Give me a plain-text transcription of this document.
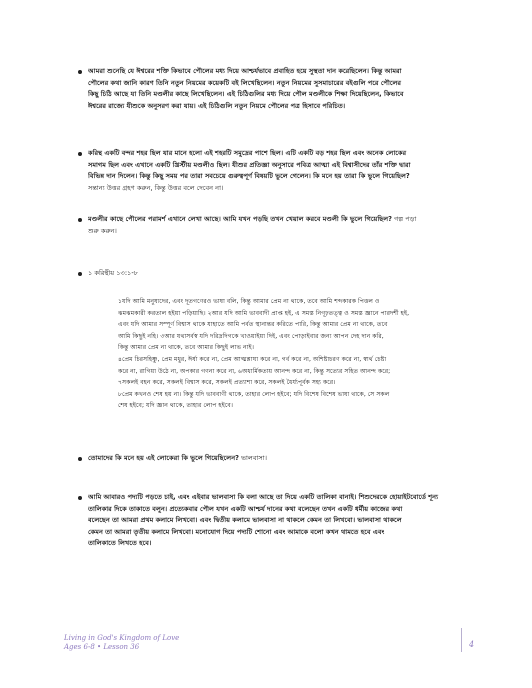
আমরা শুনেছি যে ঈশ্বরের শক্তি কিভাবে পৌলের মধ্য দিয়ে আশ্চর্যভাবে প্রবাহিত হয়ে সুস্থতা দান করেছিলেন। কিন্তু আমরা
পৌলের কথা জানি কারণ তিনি নতুন নিয়মের কয়েকটি বই লিখেছিলেন। নতুন নিয়মের সুসমাচারের বইগুলি পরে পৌলের
কিছু চিঠি আছে যা তিনি মণ্ডলীর কাছে লিখেছিলেন। এই চিঠিগুলির মধ্য দিয়ে পৌল মণ্ডলীকে শিক্ষা দিয়েছিলেন, কিভাবে
ঈশ্বরের রাজ্যে যীশুকে অনুসরণ করা যায়। এই চিঠিগুলি নতুন নিয়মে পৌলের পত্র হিসাবে পরিচিত।
করিন্থ একটি বন্দর শহর ছিল যার মানে হলো এই শহরটি সমুদ্রের পাশে ছিল। এটি একটি বড় শহর ছিল এবং অনেক লোকের
সমাগম ছিল এবং এখানে একটি খ্রিস্টীয় মণ্ডলীও ছিল। যীশুর প্রতিজ্ঞা অনুসারে পবিত্র আত্মা এই বিশ্বাসীদের তাঁর শক্তি দ্বারা
বিভিন্ন দান দিলেন। কিন্তু কিছু সময় পর তারা সবচেয়ে গুরুত্বপূর্ণ বিষয়টি ভুলে গেলেন। কি মনে হয় তারা কি ভুলে গিয়েছিল?
সন্তান্য উত্তর গ্রহণ করুন, কিন্তু উত্তর বলে দেবেন না।
মণ্ডলীর কাছে পৌলের পরামর্শ এখানে লেখা আছে। আমি যখন পড়ছি তখন খেয়াল করবে মণ্ডলী কি ভুলে গিয়েছিল? গল্প পড়া
শুরু করুন।
১ করিন্থীয় ১৩:১-৮
১যদি আমি মনুষ্যদের, এবং দূতগণেরও ভাষা বলি, কিন্তু আমার প্রেম না থাকে, তবে আমি শব্দকারক পিত্তল ও
ঝমঝমকারী করতাল হইয়া পড়িয়াছি। ২আর যদি আমি ভাববাদী প্রাপ্ত হই, এ সমস্ত নিগূঢ়তত্ত্ব ও সমস্ত জ্ঞানে পারদর্শী হই,
এবং যদি আমার সম্পূর্ণ বিশ্বাস থাকে যাহাতে আমি পর্বত স্থানান্তর করিতে পারি, কিন্তু আমার প্রেম না থাকে, তবে
আমি কিছুই নহি। ৩আর যথাসর্বস্ব যদি দরিদ্রদিগকে খাওয়াইয়া দিই, এবং পোড়াইবার জন্য আপন দেহ দান করি,
কিন্তু আমার প্রেম না থাকে, তবে আমার কিছুই লাভ নাই।
৪প্রেম চিরসহিষ্ণু, প্রেম মধুর, ঈর্ষা করে না, প্রেম আত্মশ্লাঘা করে না, গর্ব করে না, অশিষ্টাচরণ করে না, স্বার্থ চেষ্টা
করে না, রাগিয়া উঠে না, অপকার গণনা করে না, ৬অধার্মিকতায় আনন্দ করে না, কিন্তু সত্যের সহিত আনন্দ করে;
৭সকলই বহন করে, সকলই বিশ্বাস করে, সকলই প্রত্যাশা করে, সকলই ধৈর্য্যপূর্বক সহ্য করে।
৮প্রেম কখনও শেষ হয় না। কিন্তু যদি ভাববাণী থাকে, তাহার লোপ হইবে; যদি বিশেষ বিশেষ ভাষা থাকে, সে সকল
শেষ হইবে; যদি জ্ঞান থাকে, তাহার লোপ হইবে।
তোমাদের কি মনে হয় এই লোকেরা কি ভুলে গিয়েছিলেন? ভালবাসা।
আমি আবারও পদ্যটি পড়তে চাই, এবং এইবার ভালবাসা কি বলা আছে তা দিয়ে একটি তালিকা বানাই। শিশুদেরকে হোয়াইটবোর্ডে শূন্য
তালিকার দিকে তাকাতে বলুন। প্রত্যেকবার পৌল যখন একটি আশ্চর্য দানের কথা বলেছেন তখন একটি ধর্মীয় কাজের কথা
বলেছেন তা আমরা প্রথম কলামে লিখবো। এবং দ্বিতীয় কলামে ভালবাসা না থাকলে কেমন তা লিখবো। ভালবাসা থাকলে
কেমন তা আমরা তৃতীয় কলামে লিখবো। মনোযোগ দিয়ে পদ্যটি শোনো এবং আমাকে বলো কখন থামতে হবে এবং
তালিকাতে লিখতে হবে।
Living in God's Kingdom of Love
Ages 6-8 • Lesson 36	4
